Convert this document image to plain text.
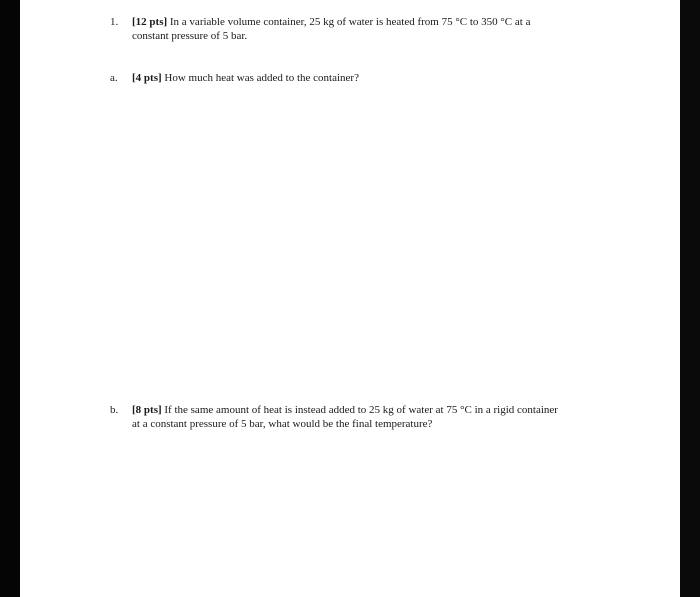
1. [12 pts] In a variable volume container, 25 kg of water is heated from 75 °C to 350 °C at a
constant pressure of 5 bar.
a. [4 pts] How much heat was added to the container?
b. [8 pts] If the same amount of heat is instead added to 25 kg of water at 75 °C in a rigid container
at a constant pressure of 5 bar, what would be the final temperature?
